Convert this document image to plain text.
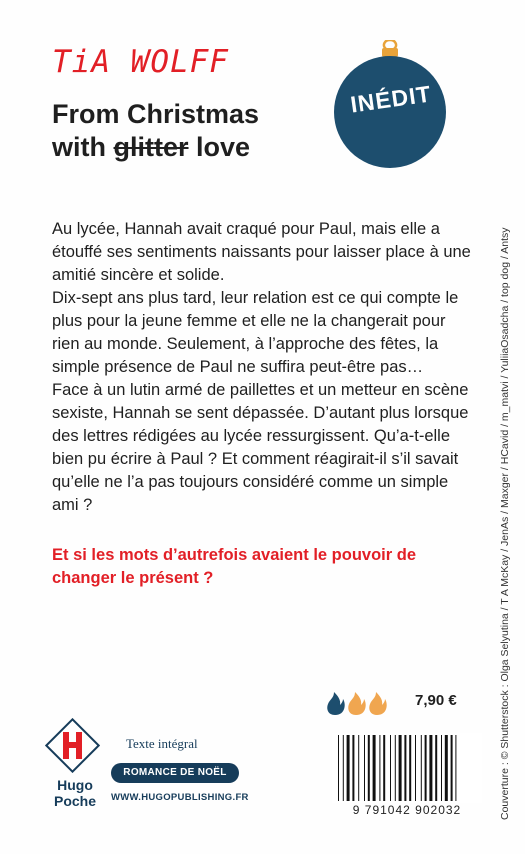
TiA WOLFF
From Christmas
with glitter love
INÉDIT

Au lycée, Hannah avait craqué pour Paul, mais elle a étouffé ses sentiments naissants pour laisser place à une amitié sincère et solide.

Dix-sept ans plus tard, leur relation est ce qui compte le plus pour la jeune femme et elle ne la changerait pour rien au monde. Seulement, à l’approche des fêtes, la simple présence de Paul ne suffira peut-être pas…

Face à un lutin armé de paillettes et un metteur en scène sexiste, Hannah se sent dépassée. D’autant plus lorsque des lettres rédigées au lycée ressurgissent. Qu’a-t-elle bien pu écrire à Paul ? Et comment réagirait-il s’il savait qu’elle ne l’a pas toujours considéré comme un simple ami ?

Et si les mots d’autrefois avaient le pouvoir de changer le présent ?	Couverture : © Shutterstock : Olga Selyutina / T A McKay / JenAs / Maxger / HCavid / m_matvi / YuliiaOsadcha / top dog / Antsy
7,90 €
9 791042 902032
Hugo
Poche
Texte intégral
ROMANCE DE NOËL
WWW.HUGOPUBLISHING.FR
